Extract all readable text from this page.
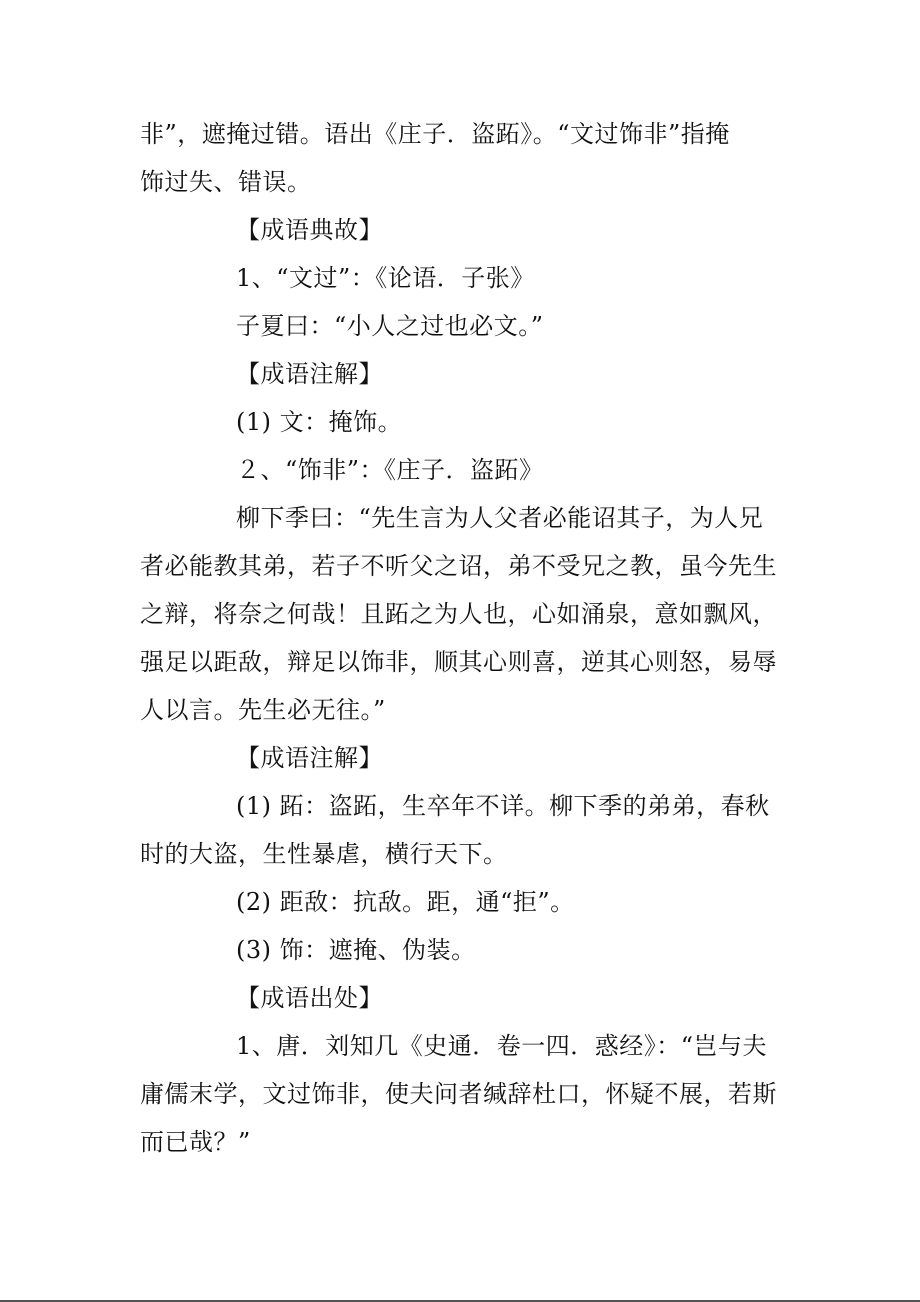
非”，遮掩过错。语出《庄子．盗跖》。“文过饰非”指掩
饰过失、错误。
【成语典故】
1、“文过”：《论语．子张》
子夏曰：“小人之过也必文。”
【成语注解】
(1) 文：掩饰。
２、“饰非”：《庄子．盗跖》
柳下季曰：“先生言为人父者必能诏其子，为人兄
者必能教其弟，若子不听父之诏，弟不受兄之教，虽今先生
之辩，将奈之何哉！且跖之为人也，心如涌泉，意如飘风，
强足以距敌，辩足以饰非，顺其心则喜，逆其心则怒，易辱
人以言。先生必无往。”
【成语注解】
(1) 跖：盗跖，生卒年不详。柳下季的弟弟，春秋
时的大盗，生性暴虐，横行天下。
(2) 距敌：抗敌。距，通“拒”。
(3) 饰：遮掩、伪装。
【成语出处】
1、唐．刘知几《史通．卷一四．惑经》：“岂与夫
庸儒末学，文过饰非，使夫问者缄辞杜口，怀疑不展，若斯
而已哉？”
